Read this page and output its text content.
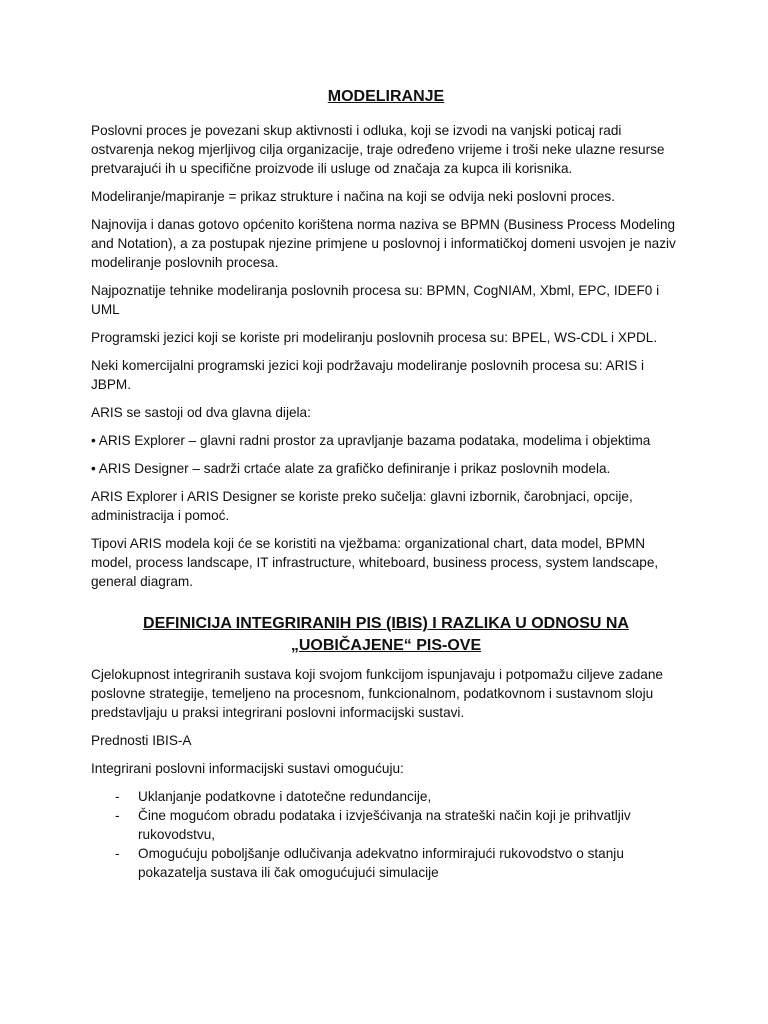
MODELIRANJE

Poslovni proces je povezani skup aktivnosti i odluka, koji se izvodi na vanjski poticaj radi ostvarenja nekog mjerljivog cilja organizacije, traje određeno vrijeme i troši neke ulazne resurse pretvarajući ih u specifične proizvode ili usluge od značaja za kupca ili korisnika.

Modeliranje/mapiranje = prikaz strukture i načina na koji se odvija neki poslovni proces.

Najnovija i danas gotovo općenito korištena norma naziva se BPMN (Business Process Modeling and Notation), a za postupak njezine primjene u poslovnoj i informatičkoj domeni usvojen je naziv modeliranje poslovnih procesa.

Najpoznatije tehnike modeliranja poslovnih procesa su: BPMN, CogNIAM, Xbml, EPC, IDEF0 i UML

Programski jezici koji se koriste pri modeliranju poslovnih procesa su: BPEL, WS-CDL i XPDL.

Neki komercijalni programski jezici koji podržavaju modeliranje poslovnih procesa su: ARIS i JBPM.

ARIS se sastoji od dva glavna dijela:

• ARIS Explorer – glavni radni prostor za upravljanje bazama podataka, modelima i objektima

• ARIS Designer – sadrži crtaće alate za grafičko definiranje i prikaz poslovnih modela.

ARIS Explorer i ARIS Designer se koriste preko sučelja: glavni izbornik, čarobnjaci, opcije, administracija i pomoć.

Tipovi ARIS modela koji će se koristiti na vježbama: organizational chart, data model, BPMN model, process landscape, IT infrastructure, whiteboard, business process, system landscape, general diagram.

DEFINICIJA INTEGRIRANIH PIS (IBIS) I RAZLIKA U ODNOSU NA
„UOBIČAJENE“ PIS-OVE

Cjelokupnost integriranih sustava koji svojom funkcijom ispunjavaju i potpomažu ciljeve zadane poslovne strategije, temeljeno na procesnom, funkcionalnom, podatkovnom i sustavnom sloju predstavljaju u praksi integrirani poslovni informacijski sustavi.

Prednosti IBIS-A

Integrirani poslovni informacijski sustavi omogućuju:

- Uklanjanje podatkovne i datotečne redundancije,
- Čine mogućom obradu podataka i izvješćivanja na strateški način koji je prihvatljiv rukovodstvu,
- Omogućuju poboljšanje odlučivanja adekvatno informirajući rukovodstvo o stanju pokazatelja sustava ili čak omogućujući simulacije
